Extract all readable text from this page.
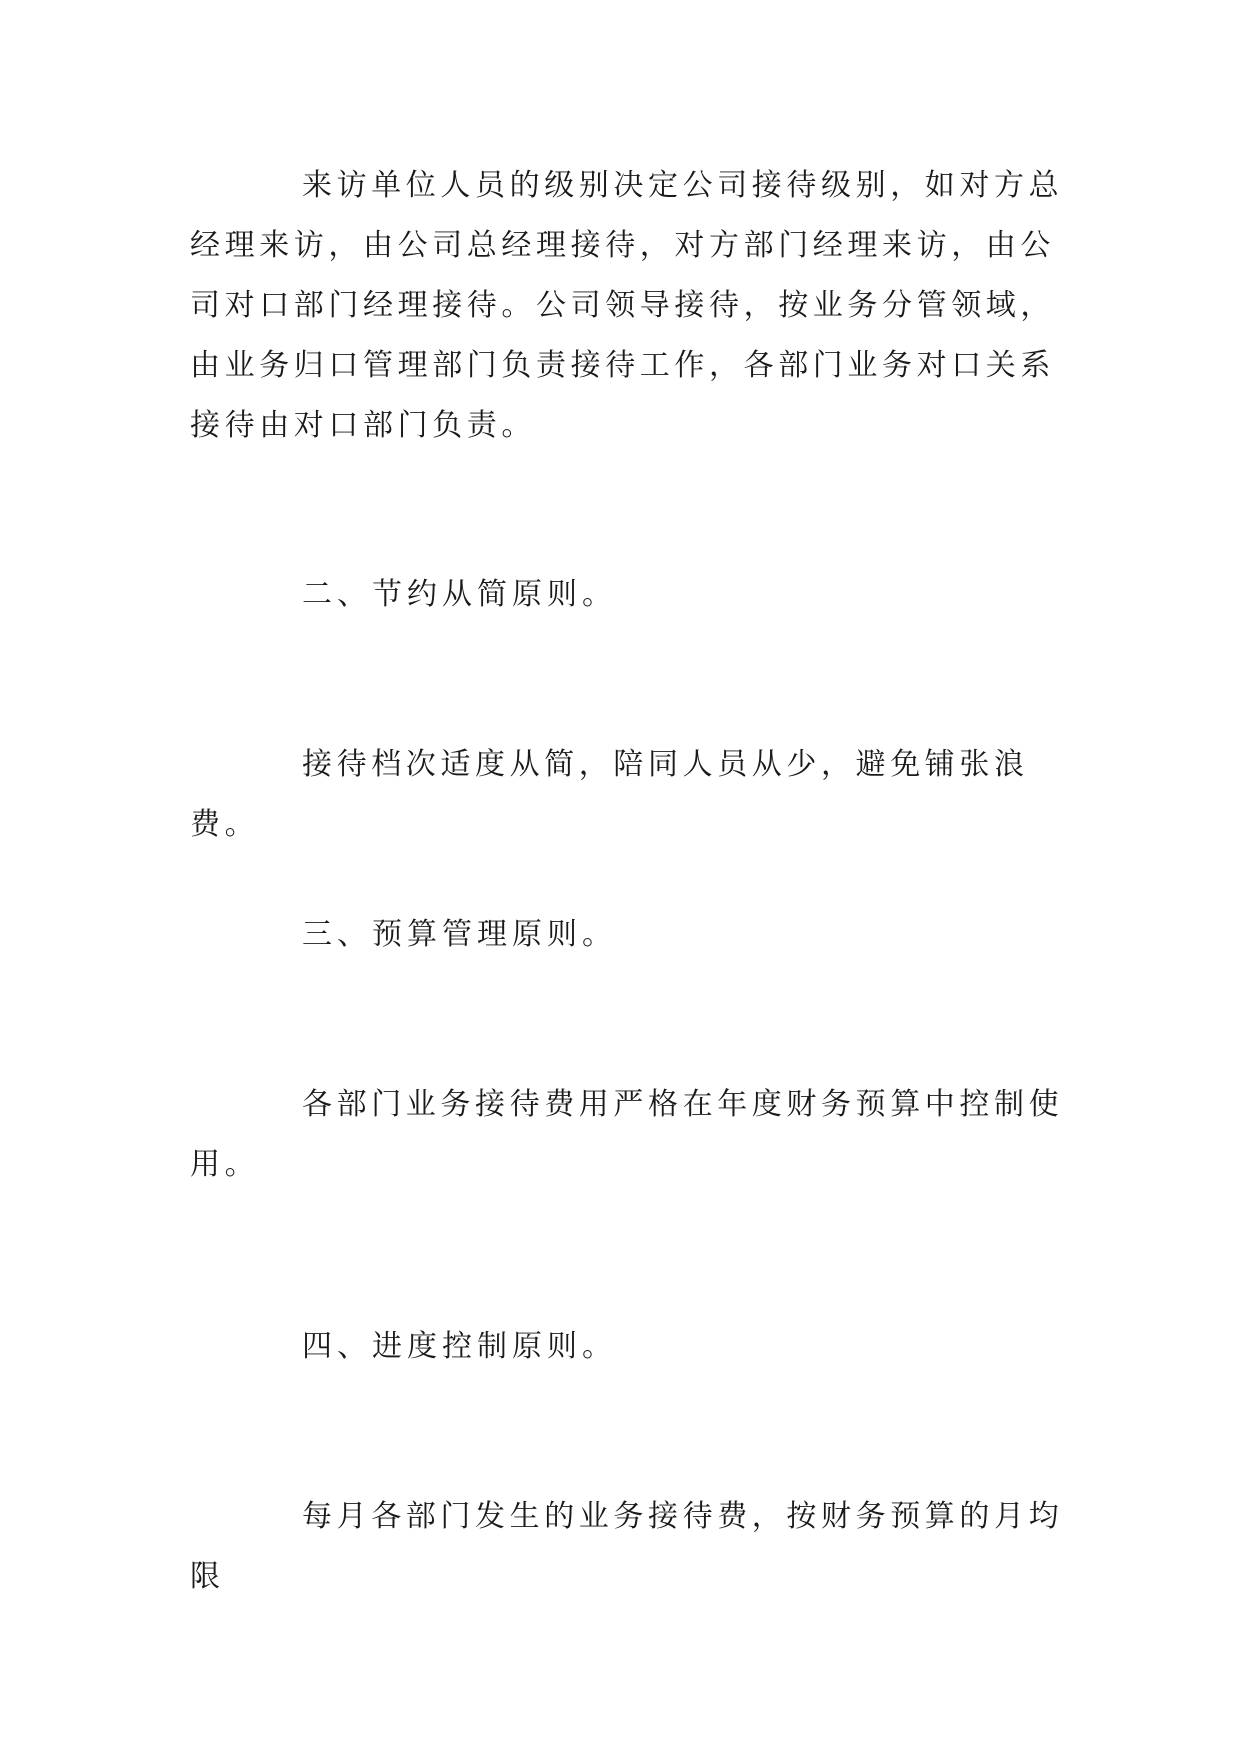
来访单位人员的级别决定公司接待级别，如对方总经理来访，由公司总经理接待，对方部门经理来访，由公司对口部门经理接待。公司领导接待，按业务分管领域，由业务归口管理部门负责接待工作，各部门业务对口关系接待由对口部门负责。

二、节约从简原则。

接待档次适度从简，陪同人员从少，避免铺张浪费。

三、预算管理原则。

各部门业务接待费用严格在年度财务预算中控制使用。

四、进度控制原则。

每月各部门发生的业务接待费，按财务预算的月均限
